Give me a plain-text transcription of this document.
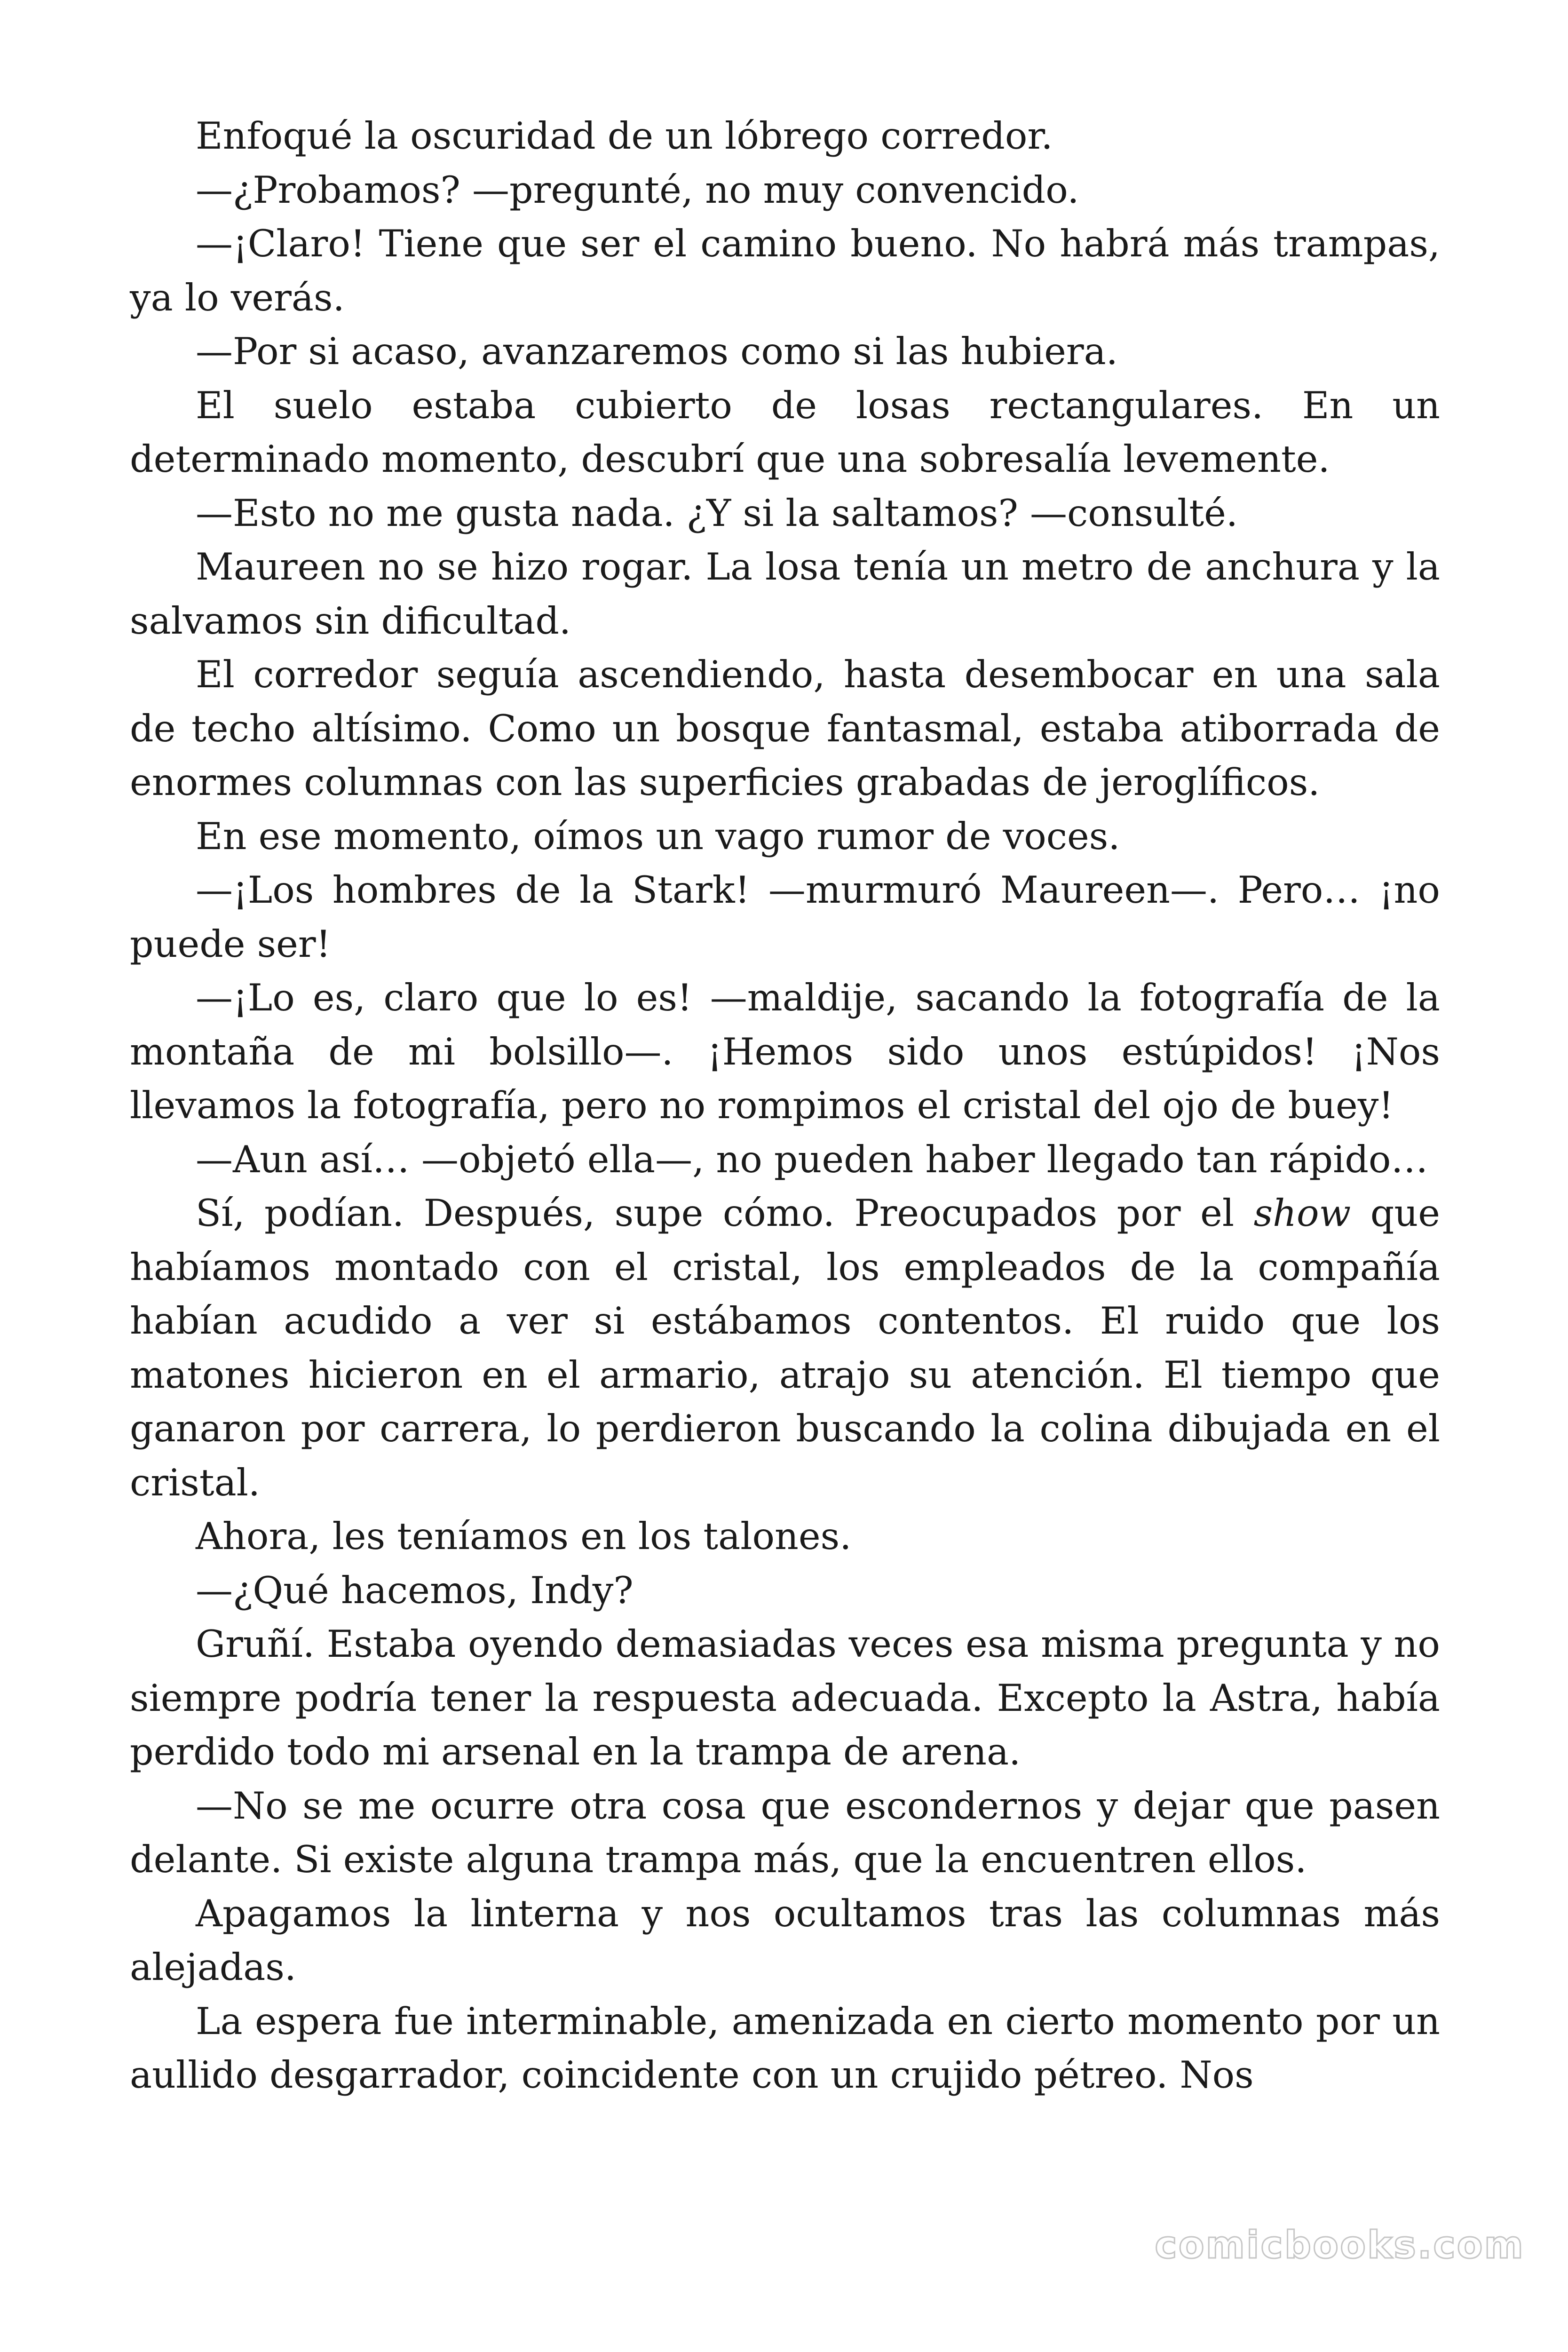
Enfoqué la oscuridad de un lóbrego corredor.

—¿Probamos? —pregunté, no muy convencido.

—¡Claro! Tiene que ser el camino bueno. No habrá más trampas, ya lo verás.

—Por si acaso, avanzaremos como si las hubiera.

El suelo estaba cubierto de losas rectangulares. En un determinado momento, descubrí que una sobresalía levemente.

—Esto no me gusta nada. ¿Y si la saltamos? —consulté.

Maureen no se hizo rogar. La losa tenía un metro de anchura y la salvamos sin dificultad.

El corredor seguía ascendiendo, hasta desembocar en una sala de techo altísimo. Como un bosque fantasmal, estaba atiborrada de enormes columnas con las superficies grabadas de jeroglíficos.

En ese momento, oímos un vago rumor de voces.

—¡Los hombres de la Stark! —murmuró Maureen—. Pero… ¡no puede ser!

—¡Lo es, claro que lo es! —maldije, sacando la fotografía de la montaña de mi bolsillo—. ¡Hemos sido unos estúpidos! ¡Nos llevamos la fotografía, pero no rompimos el cristal del ojo de buey!

—Aun así… —objetó ella—, no pueden haber llegado tan rápido…

Sí, podían. Después, supe cómo. Preocupados por el show que habíamos montado con el cristal, los empleados de la compañía habían acudido a ver si estábamos contentos. El ruido que los matones hicieron en el armario, atrajo su atención. El tiempo que ganaron por carrera, lo perdieron buscando la colina dibujada en el cristal.

Ahora, les teníamos en los talones.

—¿Qué hacemos, Indy?

Gruñí. Estaba oyendo demasiadas veces esa misma pregunta y no siempre podría tener la respuesta adecuada. Excepto la Astra, había perdido todo mi arsenal en la trampa de arena.

—No se me ocurre otra cosa que escondernos y dejar que pasen delante. Si existe alguna trampa más, que la encuentren ellos.

Apagamos la linterna y nos ocultamos tras las columnas más alejadas.

La espera fue interminable, amenizada en cierto momento por un aullido desgarrador, coincidente con un crujido pétreo. Nos

comicbooks.com
